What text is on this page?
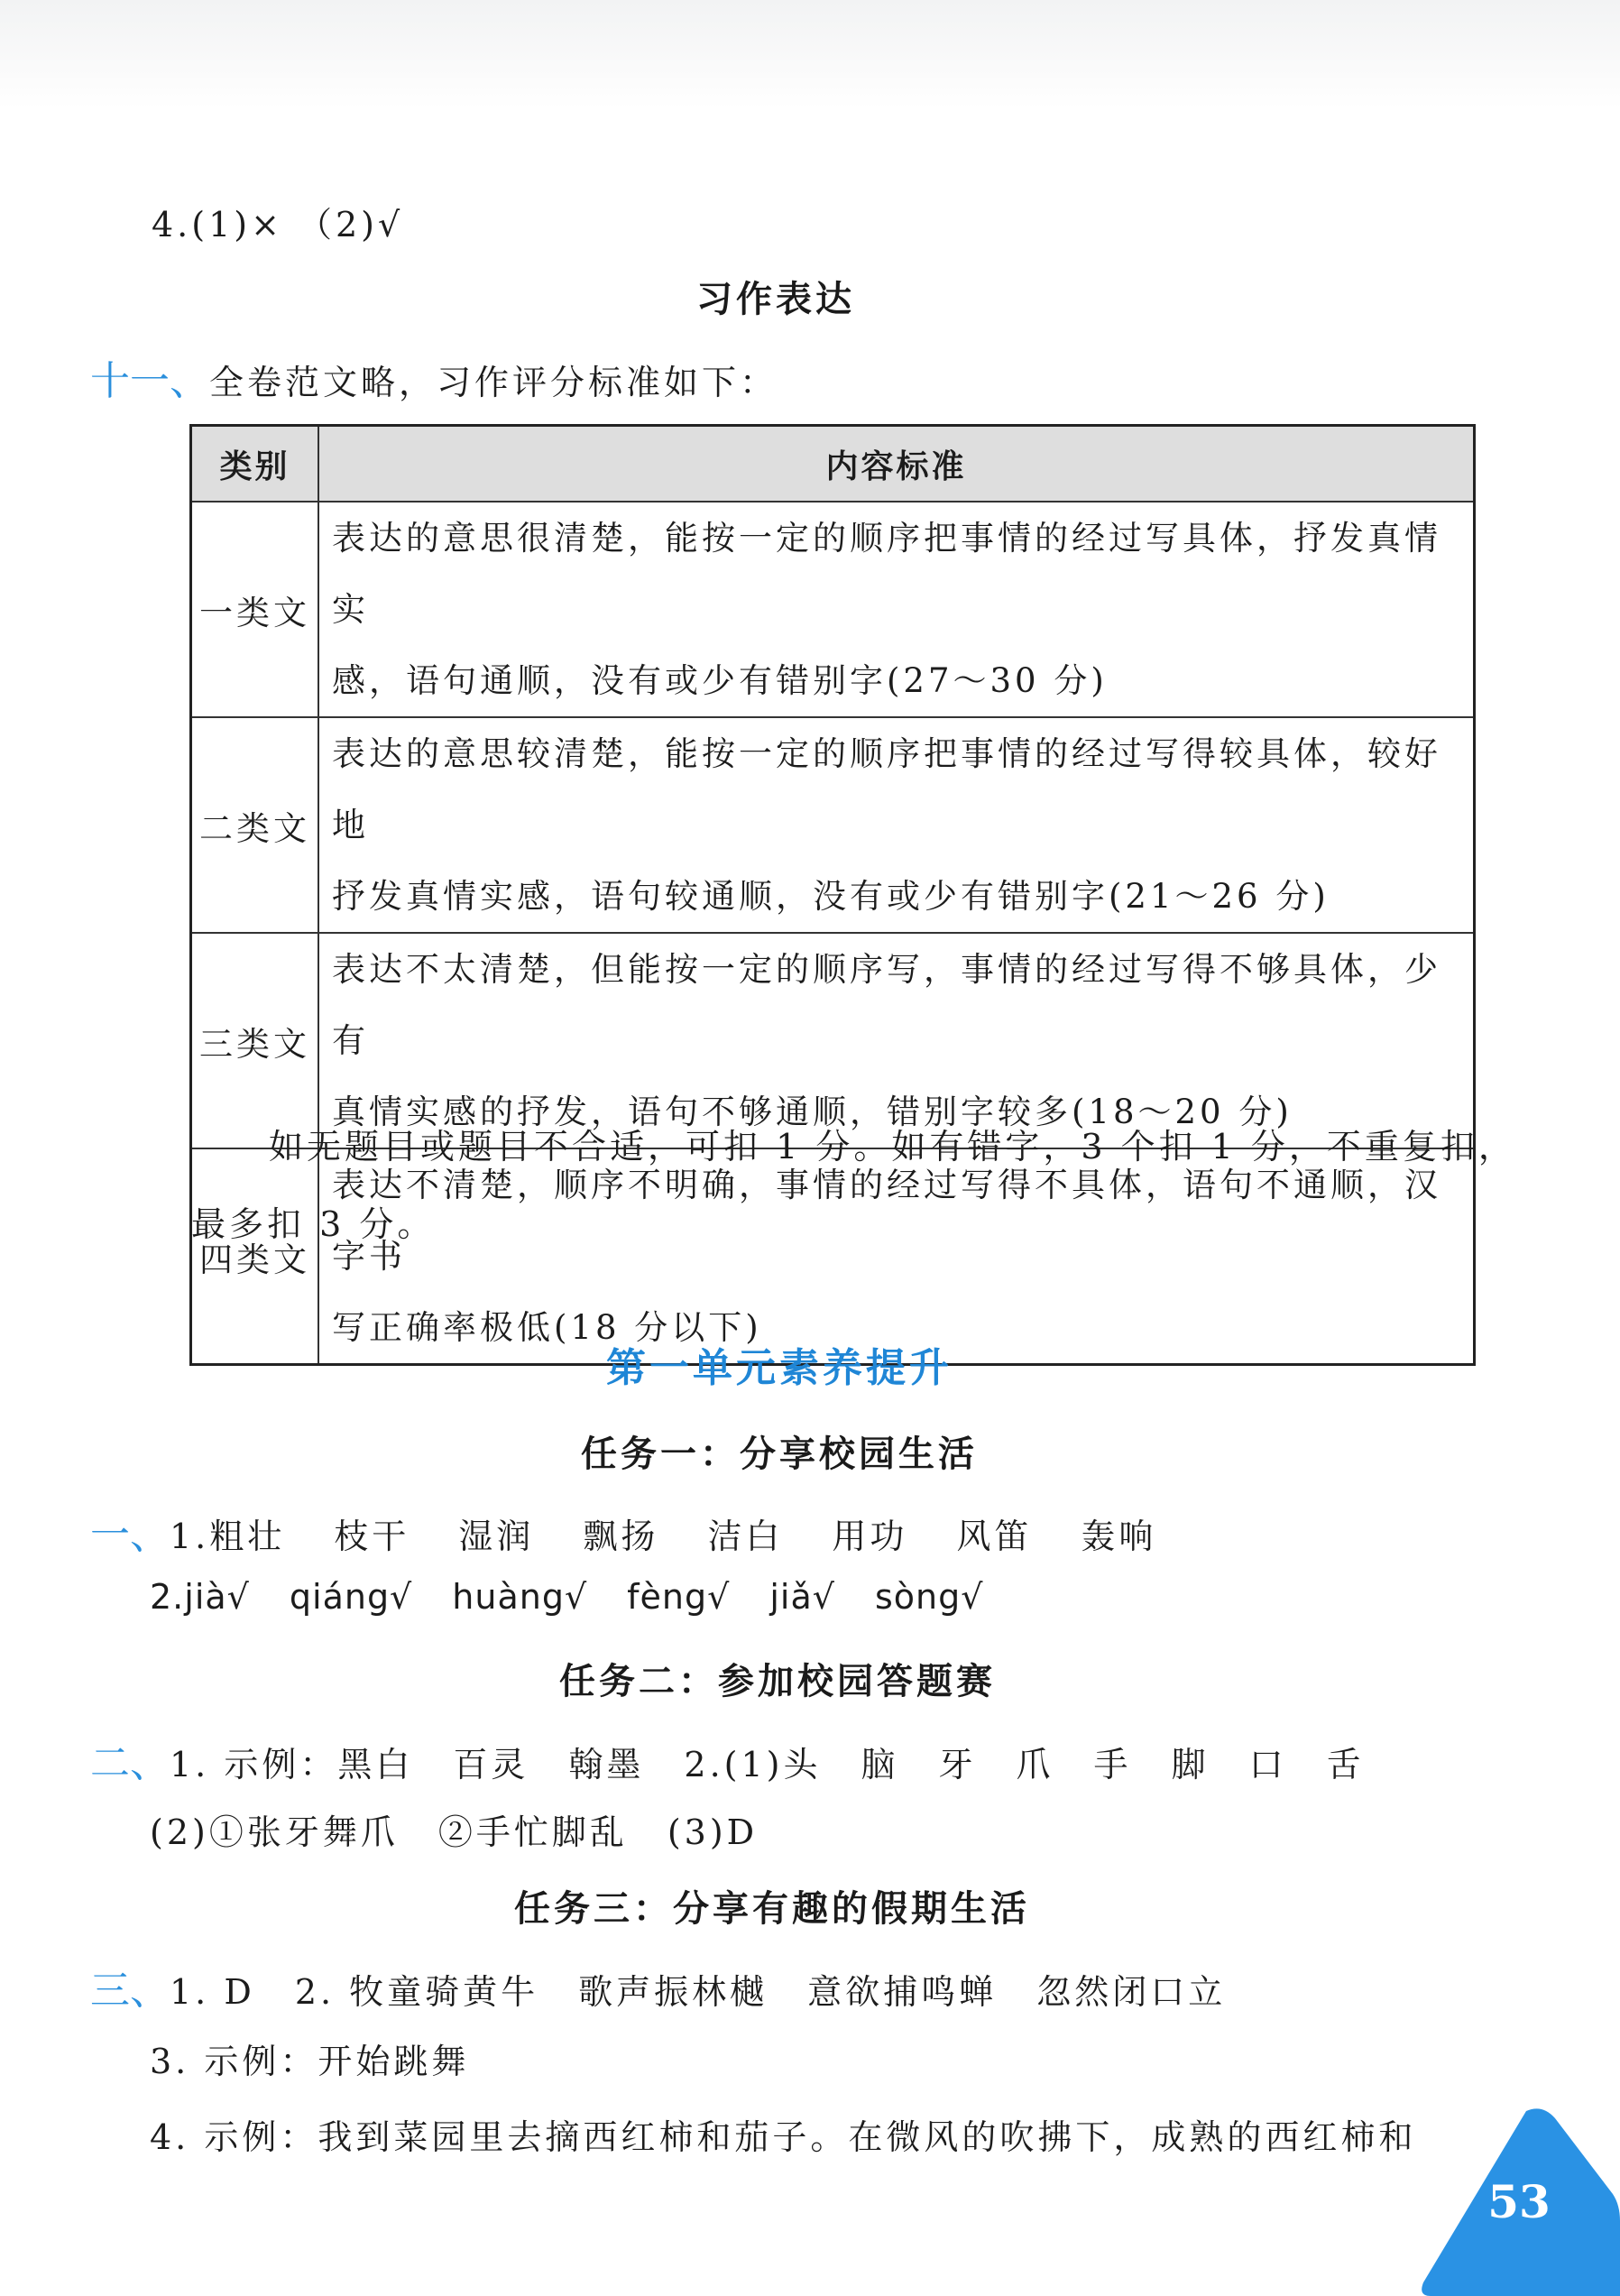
4.(1)× （2)√
习作表达
十一、全卷范文略，习作评分标准如下：
类别	内容标准
一类文	表达的意思很清楚，能按一定的顺序把事情的经过写具体，抒发真情实
感，语句通顺，没有或少有错别字(27～30 分)
二类文	表达的意思较清楚，能按一定的顺序把事情的经过写得较具体，较好地
抒发真情实感，语句较通顺，没有或少有错别字(21～26 分)
三类文	表达不太清楚，但能按一定的顺序写，事情的经过写得不够具体，少有
真情实感的抒发，语句不够通顺，错别字较多(18～20 分)
四类文	表达不清楚，顺序不明确，事情的经过写得不具体，语句不通顺，汉字书
写正确率极低(18 分以下)
如无题目或题目不合适，可扣 1 分。如有错字，3 个扣 1 分，不重复扣，
最多扣 3 分。
第一单元素养提升
任务一：分享校园生活
一、1.粗壮 枝干 湿润 飘扬 洁白 用功 风笛 轰响
2.jià√ qiáng√ huàng√ fèng√ jiǎ√ sòng√
任务二：参加校园答题赛
二、1. 示例：黑白 百灵 翰墨 2.(1)头 脑 牙 爪 手 脚 口 舌
(2)①张牙舞爪 ②手忙脚乱 (3)D
任务三：分享有趣的假期生活
三、1. D 2. 牧童骑黄牛 歌声振林樾 意欲捕鸣蝉 忽然闭口立
3. 示例：开始跳舞
4. 示例：我到菜园里去摘西红柿和茄子。在微风的吹拂下，成熟的西红柿和
53
